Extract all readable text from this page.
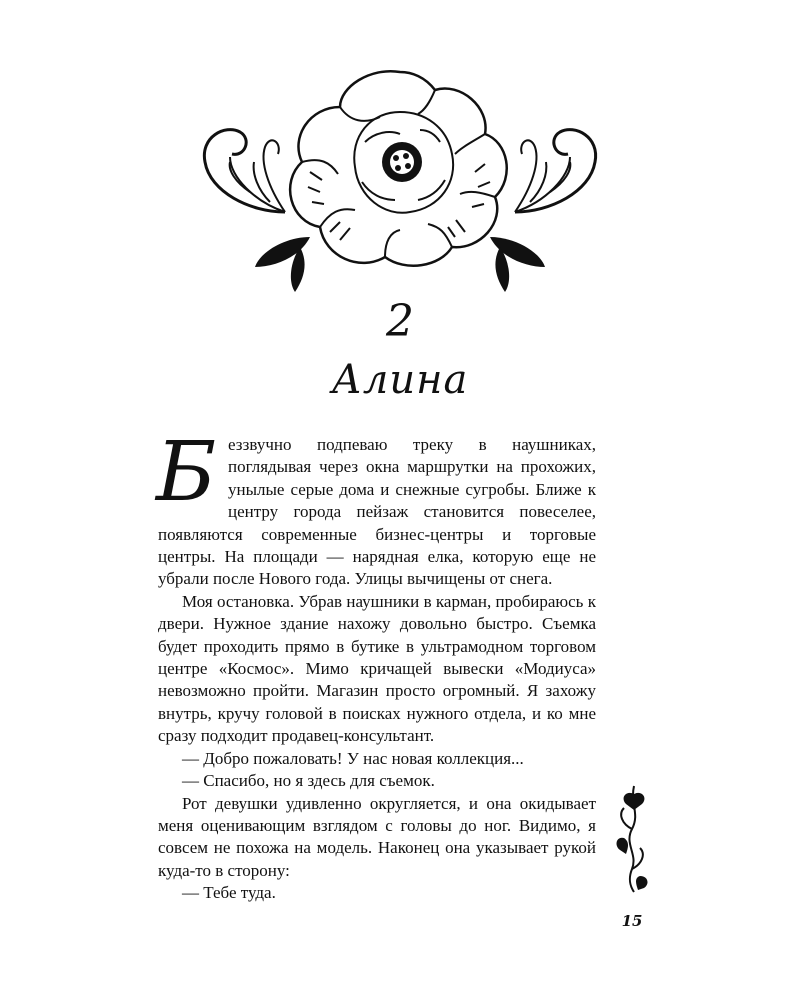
2
Алина

Беззвучно подпеваю треку в наушниках, поглядывая через окна маршрутки на прохожих, унылые серые дома и снежные сугробы. Ближе к центру города пейзаж становится повеселее, появляются современные бизнес-центры и торговые центры. На площади — нарядная елка, которую еще не убрали после Нового года. Улицы вычищены от снега.

Моя остановка. Убрав наушники в карман, пробираюсь к двери. Нужное здание нахожу довольно быстро. Съемка будет проходить прямо в бутике в ультрамодном торговом центре «Космос». Мимо кричащей вывески «Модиуса» невозможно пройти. Магазин просто огромный. Я захожу внутрь, кручу головой в поисках нужного отдела, и ко мне сразу подходит продавец-консультант.

— Добро пожаловать! У нас новая коллекция...

— Спасибо, но я здесь для съемок.

Рот девушки удивленно округляется, и она окидывает меня оценивающим взглядом с головы до ног. Видимо, я совсем не похожа на модель. Наконец она указывает рукой куда-то в сторону:

— Тебе туда.

15
